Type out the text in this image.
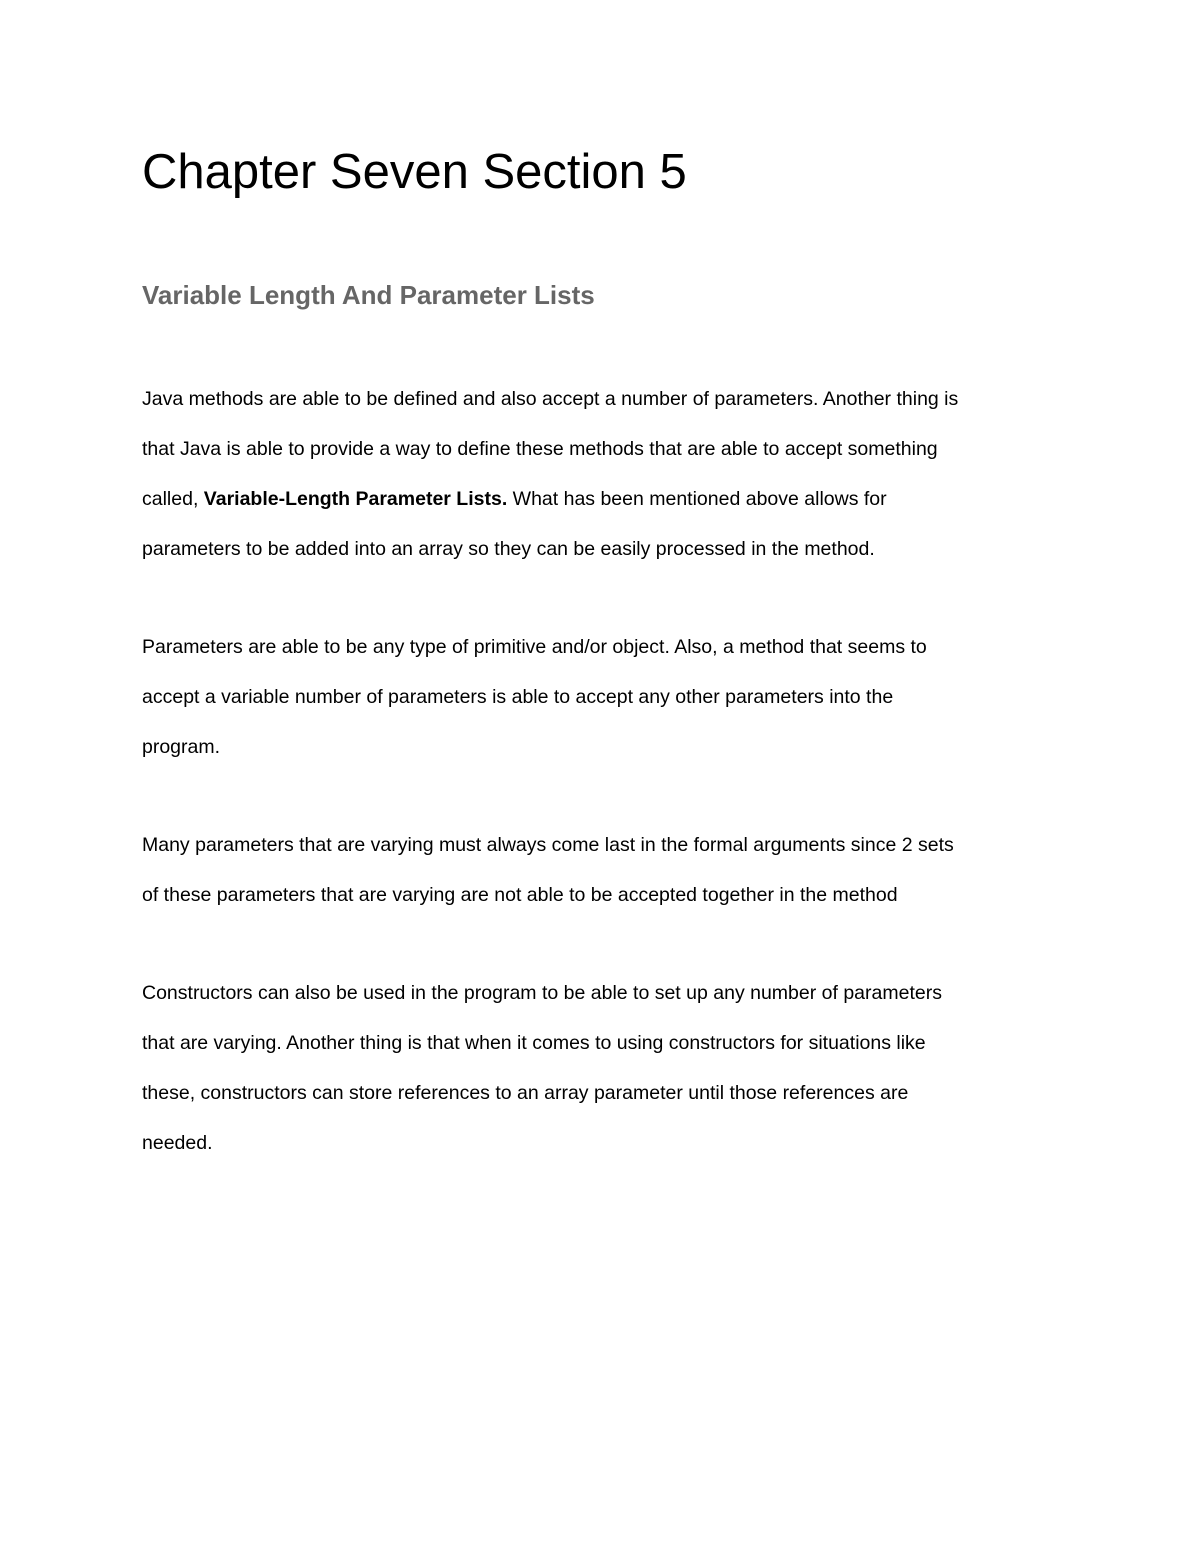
Chapter Seven Section 5
Variable Length And Parameter Lists

Java methods are able to be defined and also accept a number of parameters. Another thing is
that Java is able to provide a way to define these methods that are able to accept something
called, Variable-Length Parameter Lists. What has been mentioned above allows for
parameters to be added into an array so they can be easily processed in the method.

Parameters are able to be any type of primitive and/or object. Also, a method that seems to
accept a variable number of parameters is able to accept any other parameters into the
program.

Many parameters that are varying must always come last in the formal arguments since 2 sets
of these parameters that are varying are not able to be accepted together in the method

Constructors can also be used in the program to be able to set up any number of parameters
that are varying. Another thing is that when it comes to using constructors for situations like
these, constructors can store references to an array parameter until those references are
needed.
